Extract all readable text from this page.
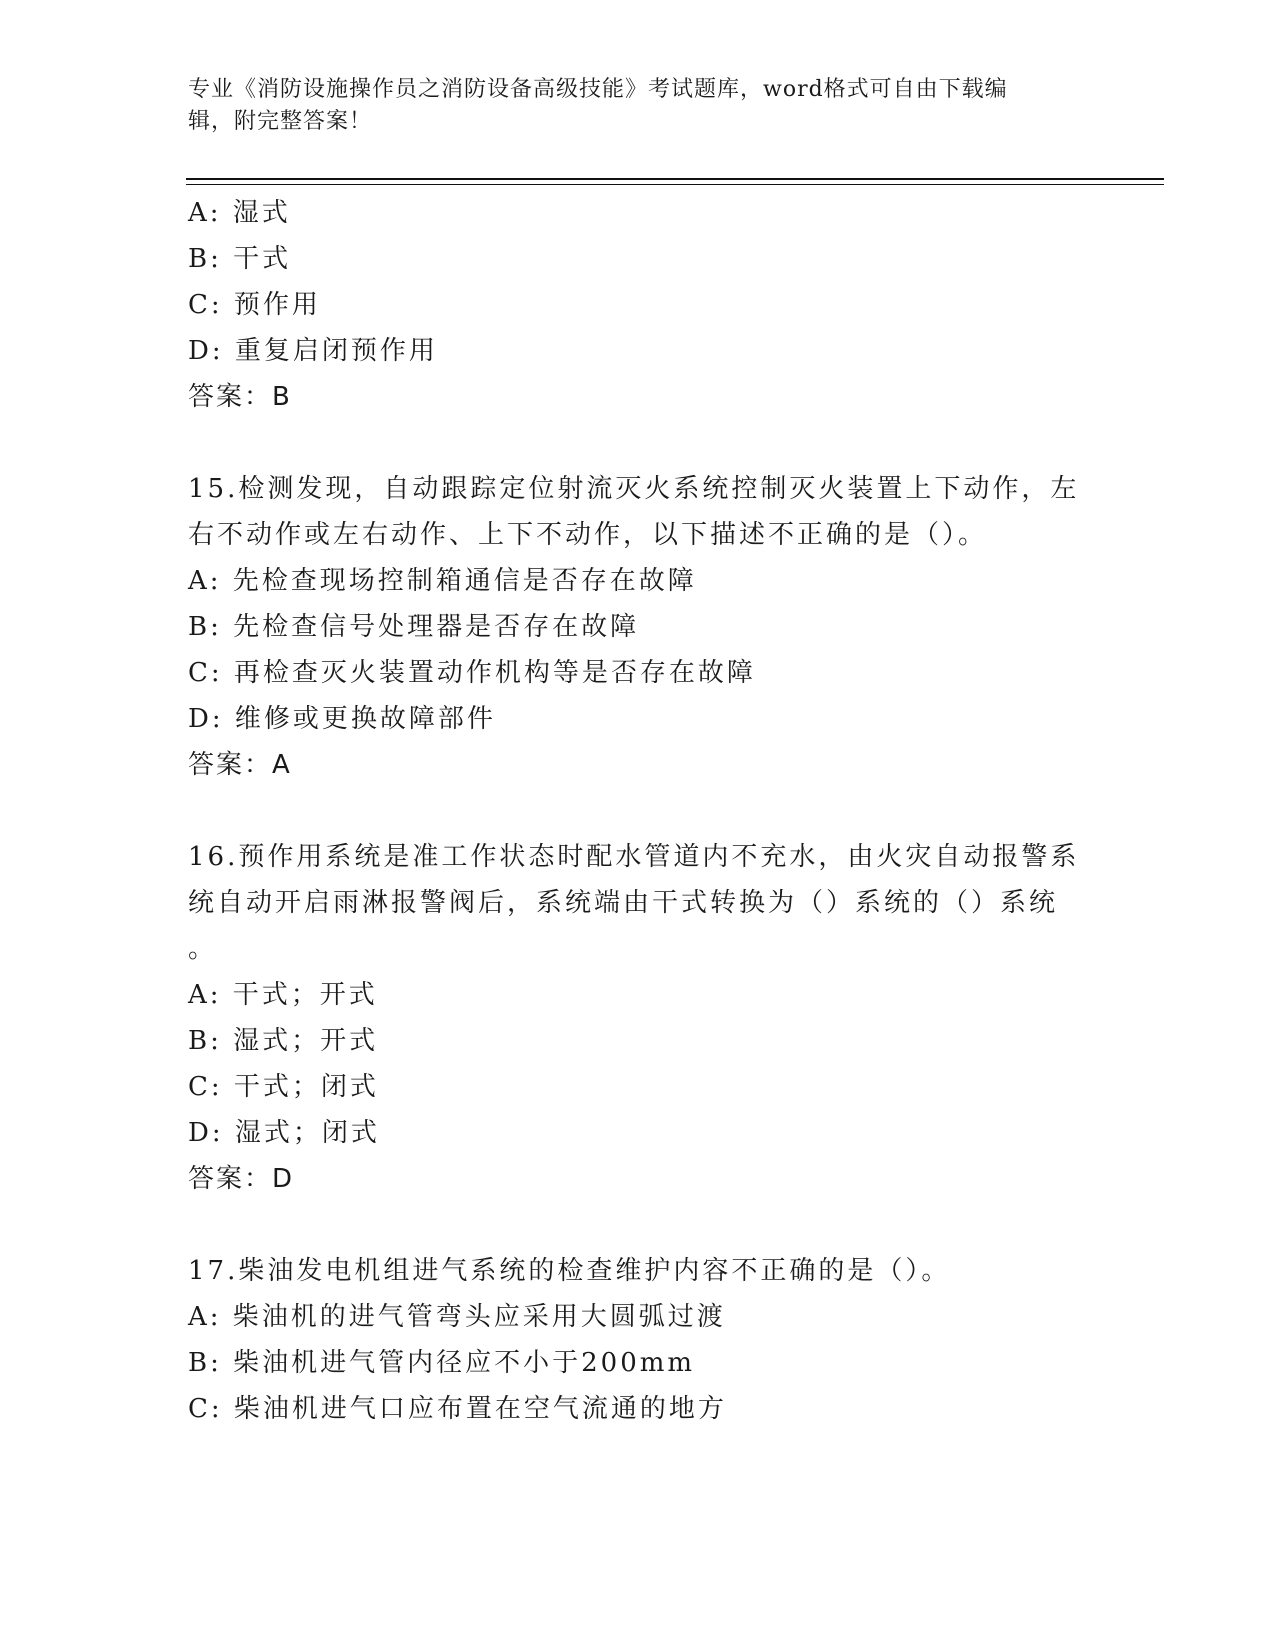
专业《消防设施操作员之消防设备高级技能》考试题库，word格式可自由下载编
辑，附完整答案！
A: 湿式
B: 干式
C: 预作用
D: 重复启闭预作用
答案：B
15.检测发现，自动跟踪定位射流灭火系统控制灭火装置上下动作，左
右不动作或左右动作、上下不动作，以下描述不正确的是（）。
A: 先检查现场控制箱通信是否存在故障
B: 先检查信号处理器是否存在故障
C: 再检查灭火装置动作机构等是否存在故障
D: 维修或更换故障部件
答案：A
16.预作用系统是准工作状态时配水管道内不充水，由火灾自动报警系
统自动开启雨淋报警阀后，系统端由干式转换为（）系统的（）系统
。
A: 干式；开式
B: 湿式；开式
C: 干式；闭式
D: 湿式；闭式
答案：D
17.柴油发电机组进气系统的检查维护内容不正确的是（）。
A: 柴油机的进气管弯头应采用大圆弧过渡
B: 柴油机进气管内径应不小于200mm
C: 柴油机进气口应布置在空气流通的地方
